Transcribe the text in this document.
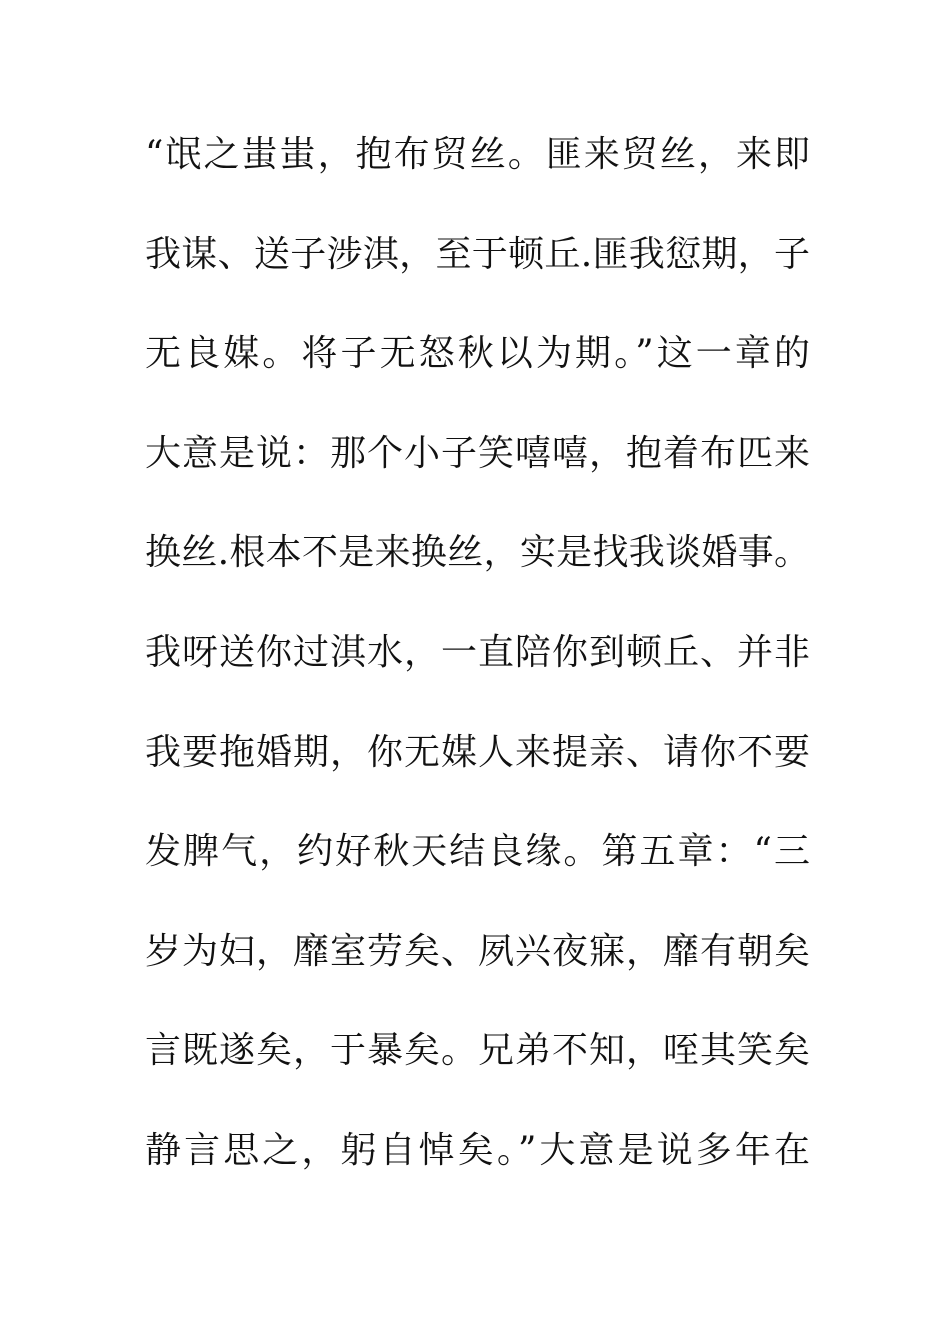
“氓之蚩蚩，抱布贸丝。匪来贸丝，来即
我谋、送子涉淇，至于顿丘.匪我愆期，子
无良媒。将子无怒秋以为期。”这一章的
大意是说：那个小子笑嘻嘻，抱着布匹来
换丝.根本不是来换丝，实是找我谈婚事。
我呀送你过淇水，一直陪你到顿丘、并非
我要拖婚期，你无媒人来提亲、请你不要
发脾气，约好秋天结良缘。第五章：“三
岁为妇，靡室劳矣、夙兴夜寐，靡有朝矣
言既遂矣，于暴矣。兄弟不知，咥其笑矣
静言思之，躬自悼矣。”大意是说多年在
